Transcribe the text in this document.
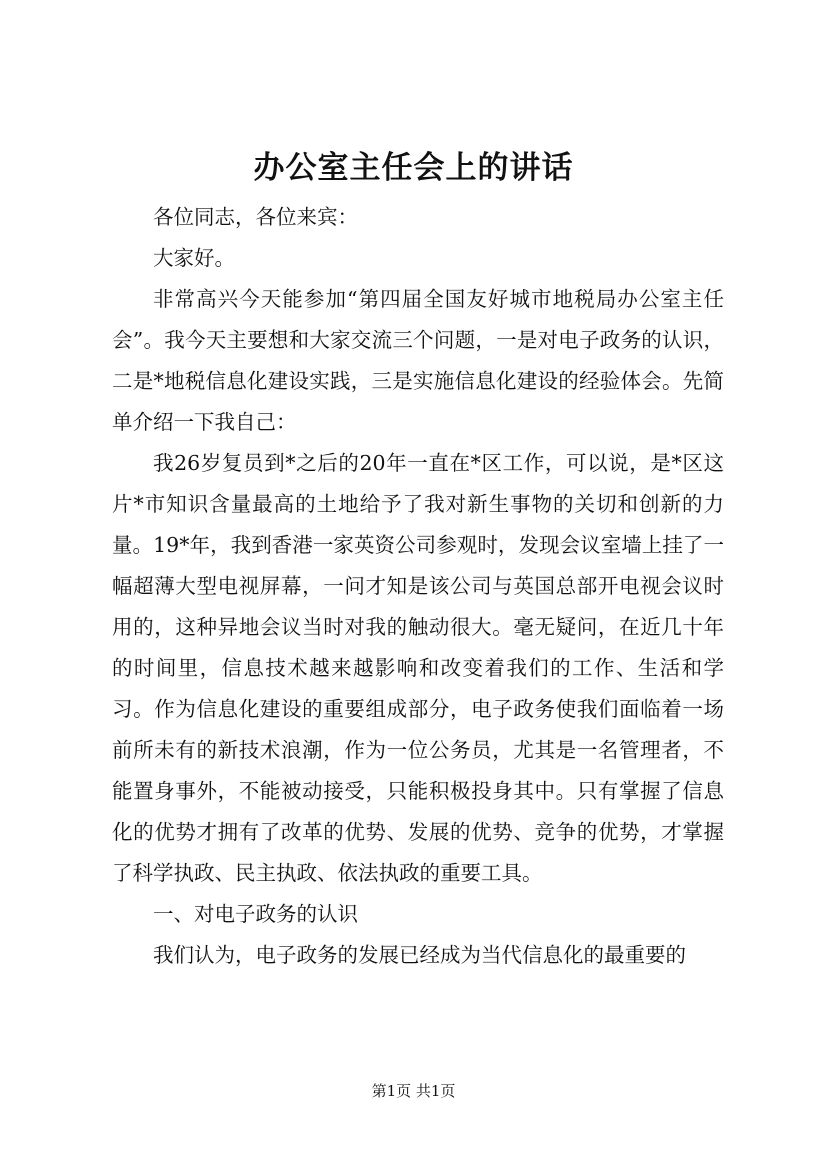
办公室主任会上的讲话

各位同志，各位来宾：

大家好。

非常高兴今天能参加“第四届全国友好城市地税局办公室主任会”。我今天主要想和大家交流三个问题，一是对电子政务的认识，二是*地税信息化建设实践，三是实施信息化建设的经验体会。先简单介绍一下我自己：

我26岁复员到*之后的20年一直在*区工作，可以说，是*区这片*市知识含量最高的土地给予了我对新生事物的关切和创新的力量。19*年，我到香港一家英资公司参观时，发现会议室墙上挂了一幅超薄大型电视屏幕，一问才知是该公司与英国总部开电视会议时用的，这种异地会议当时对我的触动很大。毫无疑问，在近几十年的时间里，信息技术越来越影响和改变着我们的工作、生活和学习。作为信息化建设的重要组成部分，电子政务使我们面临着一场前所未有的新技术浪潮，作为一位公务员，尤其是一名管理者，不能置身事外，不能被动接受，只能积极投身其中。只有掌握了信息化的优势才拥有了改革的优势、发展的优势、竞争的优势，才掌握了科学执政、民主执政、依法执政的重要工具。

一、对电子政务的认识

我们认为，电子政务的发展已经成为当代信息化的最重要的

第1页 共1页
